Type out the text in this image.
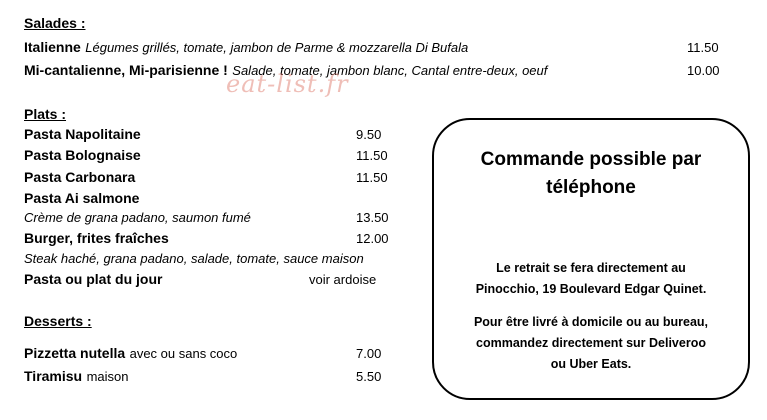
Salades :
Italienne Légumes grillés, tomate, jambon de Parme & mozzarella Di Bufala	11.50
Mi-cantalienne, Mi-parisienne ! Salade, tomate, jambon blanc, Cantal entre-deux, oeuf	10.00
eat-list.fr
Plats :
Pasta Napolitaine	9.50
Pasta Bolognaise	11.50
Pasta Carbonara	11.50
Pasta Ai salmone
Crème de grana padano, saumon fumé	13.50
Burger, frites fraîches	12.00
Steak haché, grana padano, salade, tomate, sauce maison
Pasta ou plat du jour	voir ardoise
Desserts :
Pizzetta nutella avec ou sans coco	7.00
Tiramisu maison	5.50
Commande possible par
téléphone
Le retrait se fera directement au
Pinocchio, 19 Boulevard Edgar Quinet.
Pour être livré à domicile ou au bureau,
commandez directement sur Deliveroo
ou Uber Eats.
